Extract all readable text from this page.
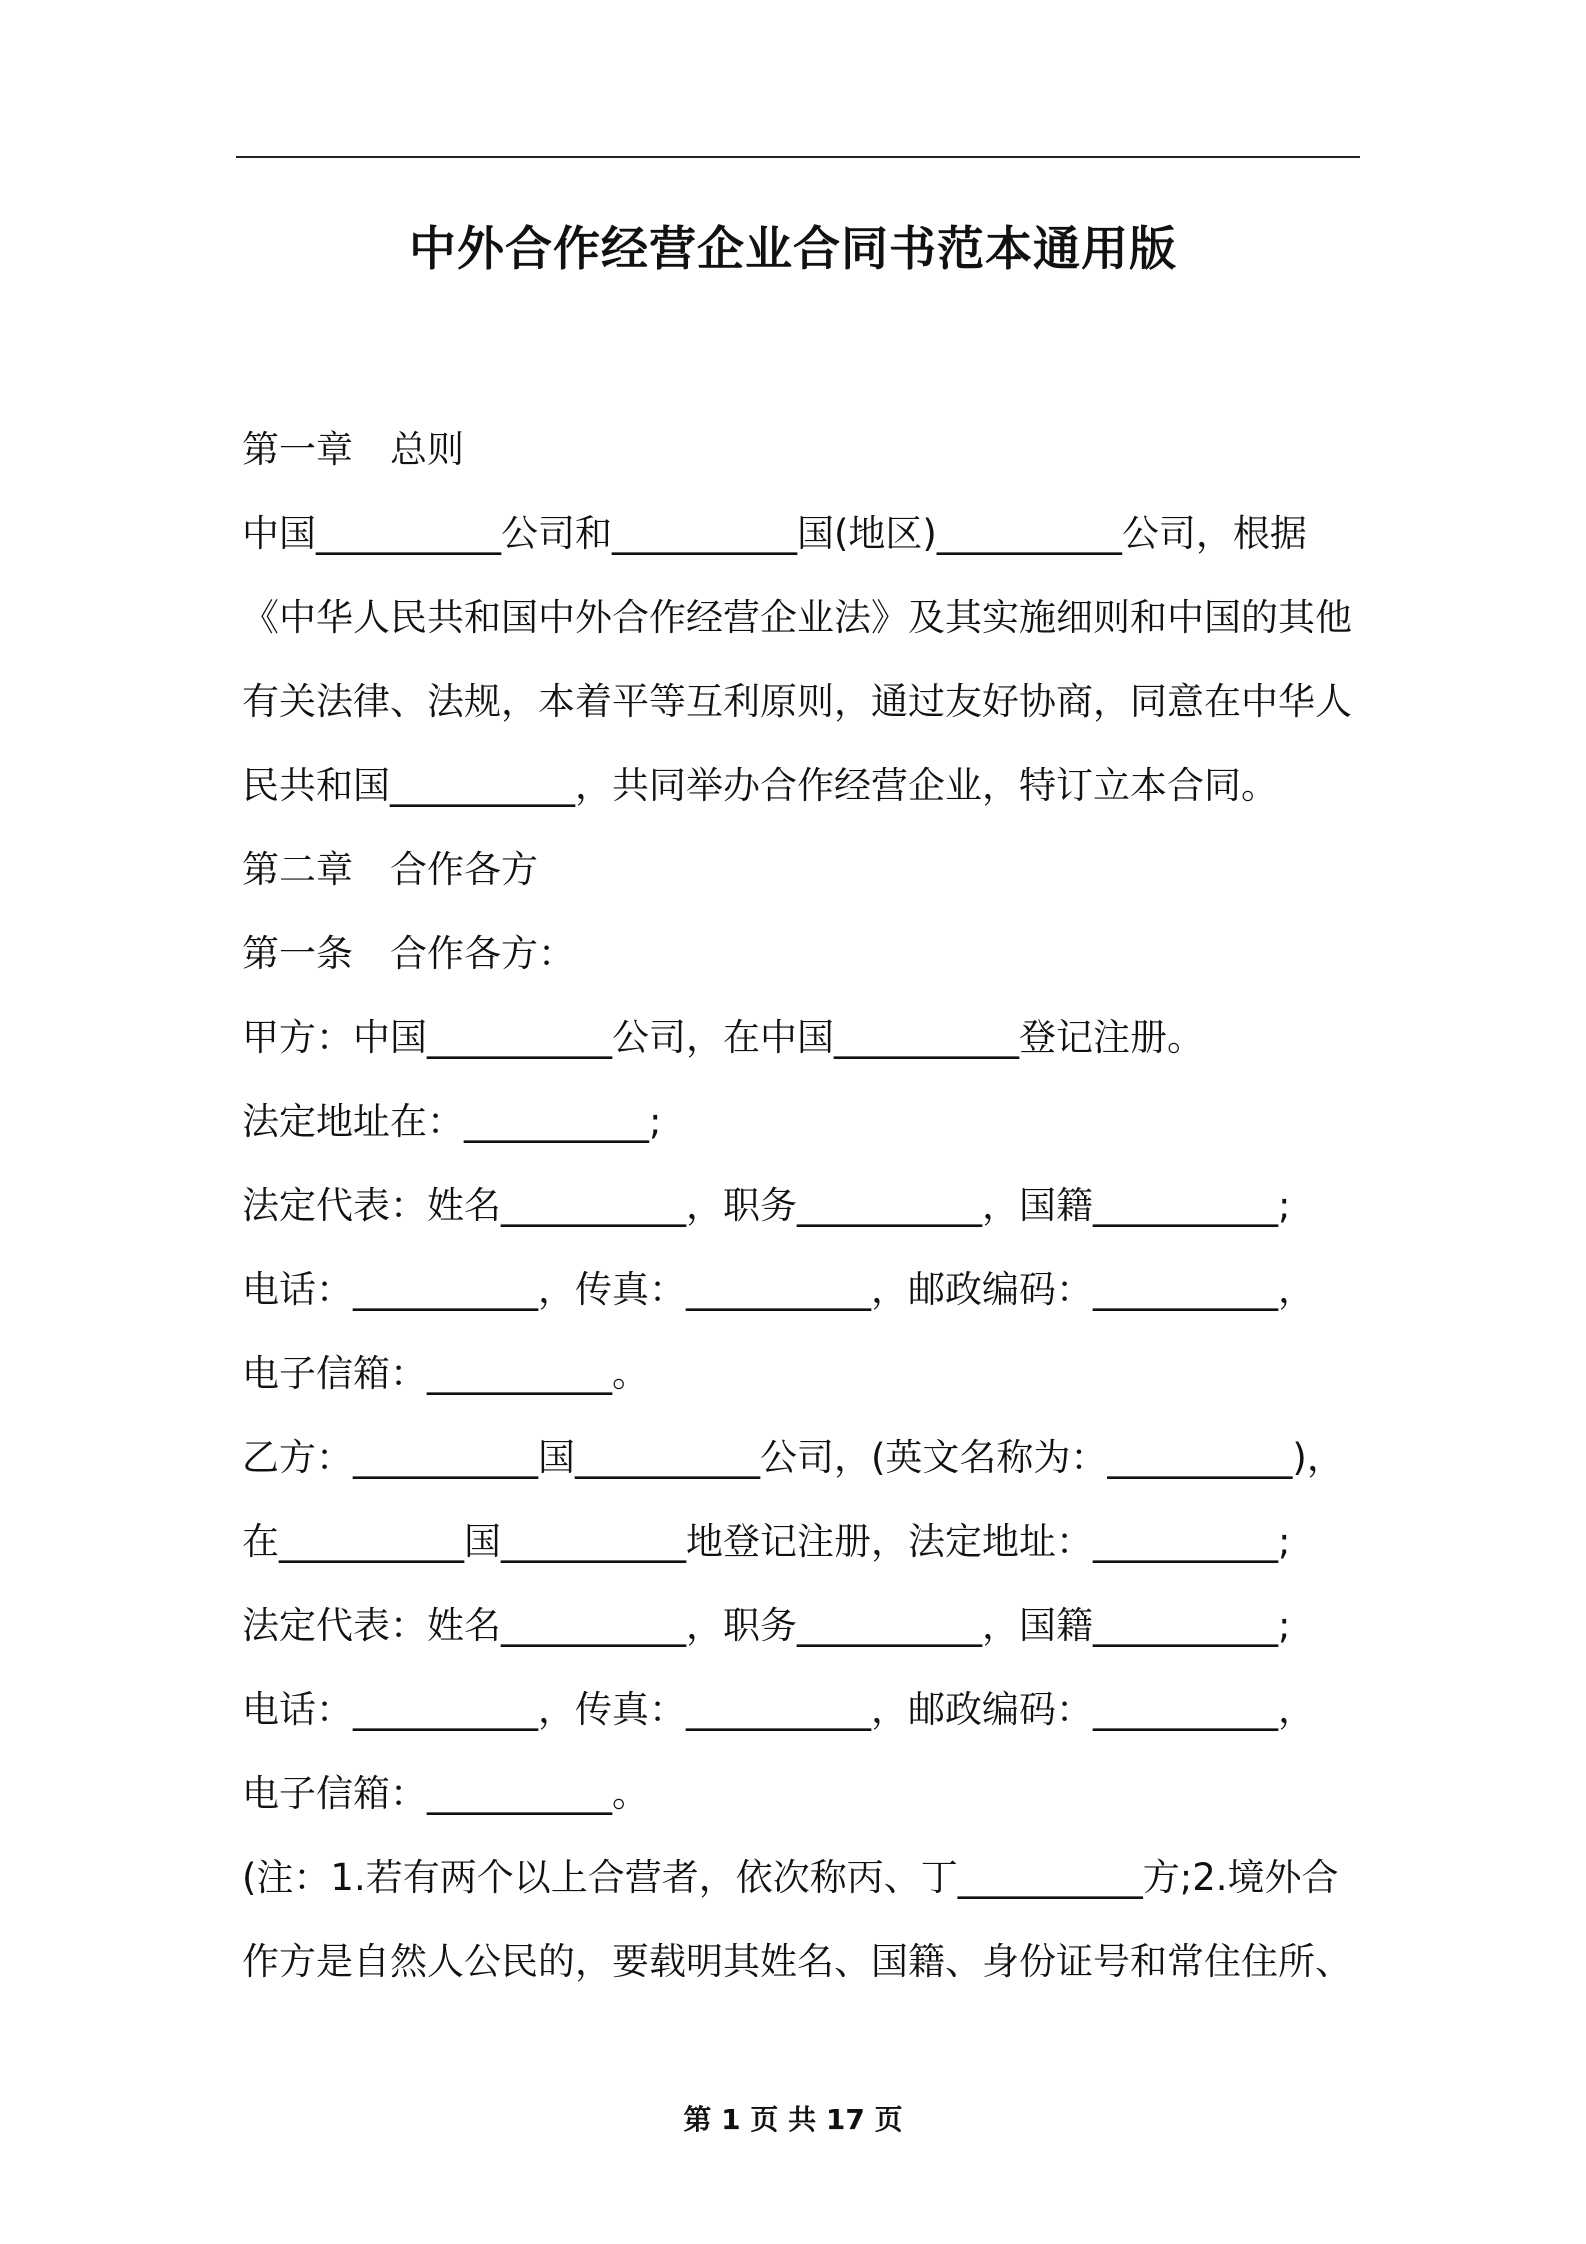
中外合作经营企业合同书范本通用版
第一章　总则
中国__________公司和__________国(地区)__________公司，根据
《中华人民共和国中外合作经营企业法》及其实施细则和中国的其他
有关法律、法规，本着平等互利原则，通过友好协商，同意在中华人
民共和国__________，共同举办合作经营企业，特订立本合同。
第二章　合作各方
第一条　合作各方：
甲方：中国__________公司，在中国__________登记注册。
法定地址在：__________;
法定代表：姓名__________，职务__________，国籍__________;
电话：__________，传真：__________，邮政编码：__________，
电子信箱：__________。
乙方：__________国__________公司，(英文名称为：__________)，
在__________国__________地登记注册，法定地址：__________;
法定代表：姓名__________，职务__________，国籍__________;
电话：__________，传真：__________，邮政编码：__________，
电子信箱：__________。
(注：1.若有两个以上合营者，依次称丙、丁__________方;2.境外合
作方是自然人公民的，要载明其姓名、国籍、身份证号和常住住所、
第 1 页 共 17 页
